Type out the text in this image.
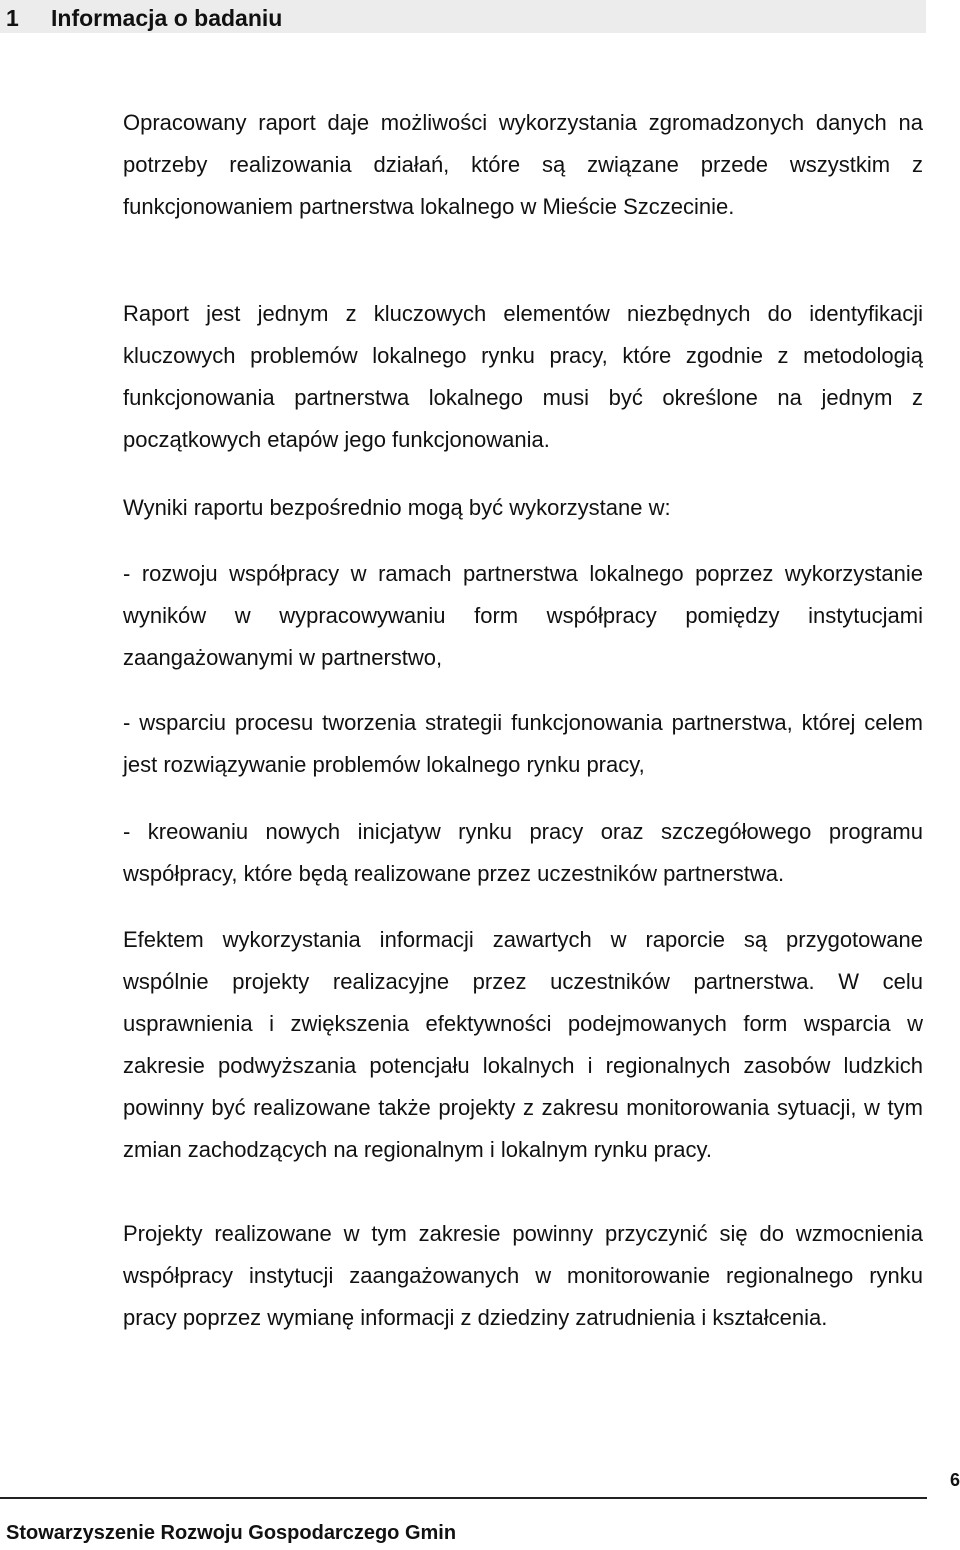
1 Informacja o badaniu

Opracowany raport daje możliwości wykorzystania zgromadzonych danych na potrzeby realizowania działań, które są związane przede wszystkim z funkcjonowaniem partnerstwa lokalnego w Mieście Szczecinie.

Raport jest jednym z kluczowych elementów niezbędnych do identyfikacji kluczowych problemów lokalnego rynku pracy, które zgodnie z metodologią funkcjonowania partnerstwa lokalnego musi być określone na jednym z początkowych etapów jego funkcjonowania.

Wyniki raportu bezpośrednio mogą być wykorzystane w:

- rozwoju współpracy w ramach partnerstwa lokalnego poprzez wykorzystanie wyników w wypracowywaniu form współpracy pomiędzy instytucjami zaangażowanymi w partnerstwo,

- wsparciu procesu tworzenia strategii funkcjonowania partnerstwa, której celem jest rozwiązywanie problemów lokalnego rynku pracy,

- kreowaniu nowych inicjatyw rynku pracy oraz szczegółowego programu współpracy, które będą realizowane przez uczestników partnerstwa.

Efektem wykorzystania informacji zawartych w raporcie są przygotowane wspólnie projekty realizacyjne przez uczestników partnerstwa. W celu usprawnienia i zwiększenia efektywności podejmowanych form wsparcia w zakresie podwyższania potencjału lokalnych i regionalnych zasobów ludzkich powinny być realizowane także projekty z zakresu monitorowania sytuacji, w tym zmian zachodzących na regionalnym i lokalnym rynku pracy.

Projekty realizowane w tym zakresie powinny przyczynić się do wzmocnienia współpracy instytucji zaangażowanych w monitorowanie regionalnego rynku pracy poprzez wymianę informacji z dziedziny zatrudnienia i kształcenia.

6
Stowarzyszenie Rozwoju Gospodarczego Gmin
